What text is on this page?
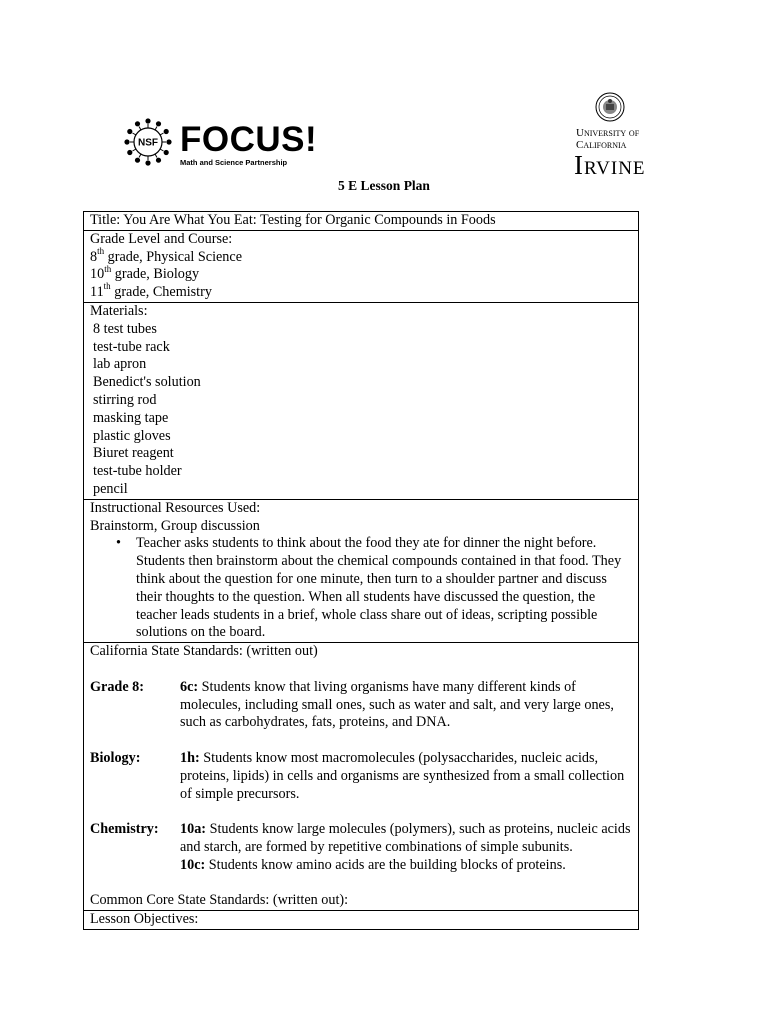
NSF FOCUS!
Math and Science Partnership
University of
California
Irvine
5 E Lesson Plan
Title: You Are What You Eat: Testing for Organic Compounds in Foods
Grade Level and Course:
8th grade, Physical Science
10th grade, Biology
11th grade, Chemistry
Materials:
8 test tubes
test-tube rack
lab apron
Benedict's solution
stirring rod
masking tape
plastic gloves
Biuret reagent
test-tube holder
pencil
Instructional Resources Used:
Brainstorm, Group discussion
• Teacher asks students to think about the food they ate for dinner the night before. Students then brainstorm about the chemical compounds contained in that food. They think about the question for one minute, then turn to a shoulder partner and discuss their thoughts to the question. When all students have discussed the question, the teacher leads students in a brief, whole class share out of ideas, scripting possible solutions on the board.
California State Standards: (written out)
Grade 8:	6c: Students know that living organisms have many different kinds of molecules, including small ones, such as water and salt, and very large ones, such as carbohydrates, fats, proteins, and DNA.
Biology:	1h: Students know most macromolecules (polysaccharides, nucleic acids, proteins, lipids) in cells and organisms are synthesized from a small collection of simple precursors.
Chemistry:	10a: Students know large molecules (polymers), such as proteins, nucleic acids and starch, are formed by repetitive combinations of simple subunits.
10c: Students know amino acids are the building blocks of proteins.
Common Core State Standards: (written out):
Lesson Objectives:
